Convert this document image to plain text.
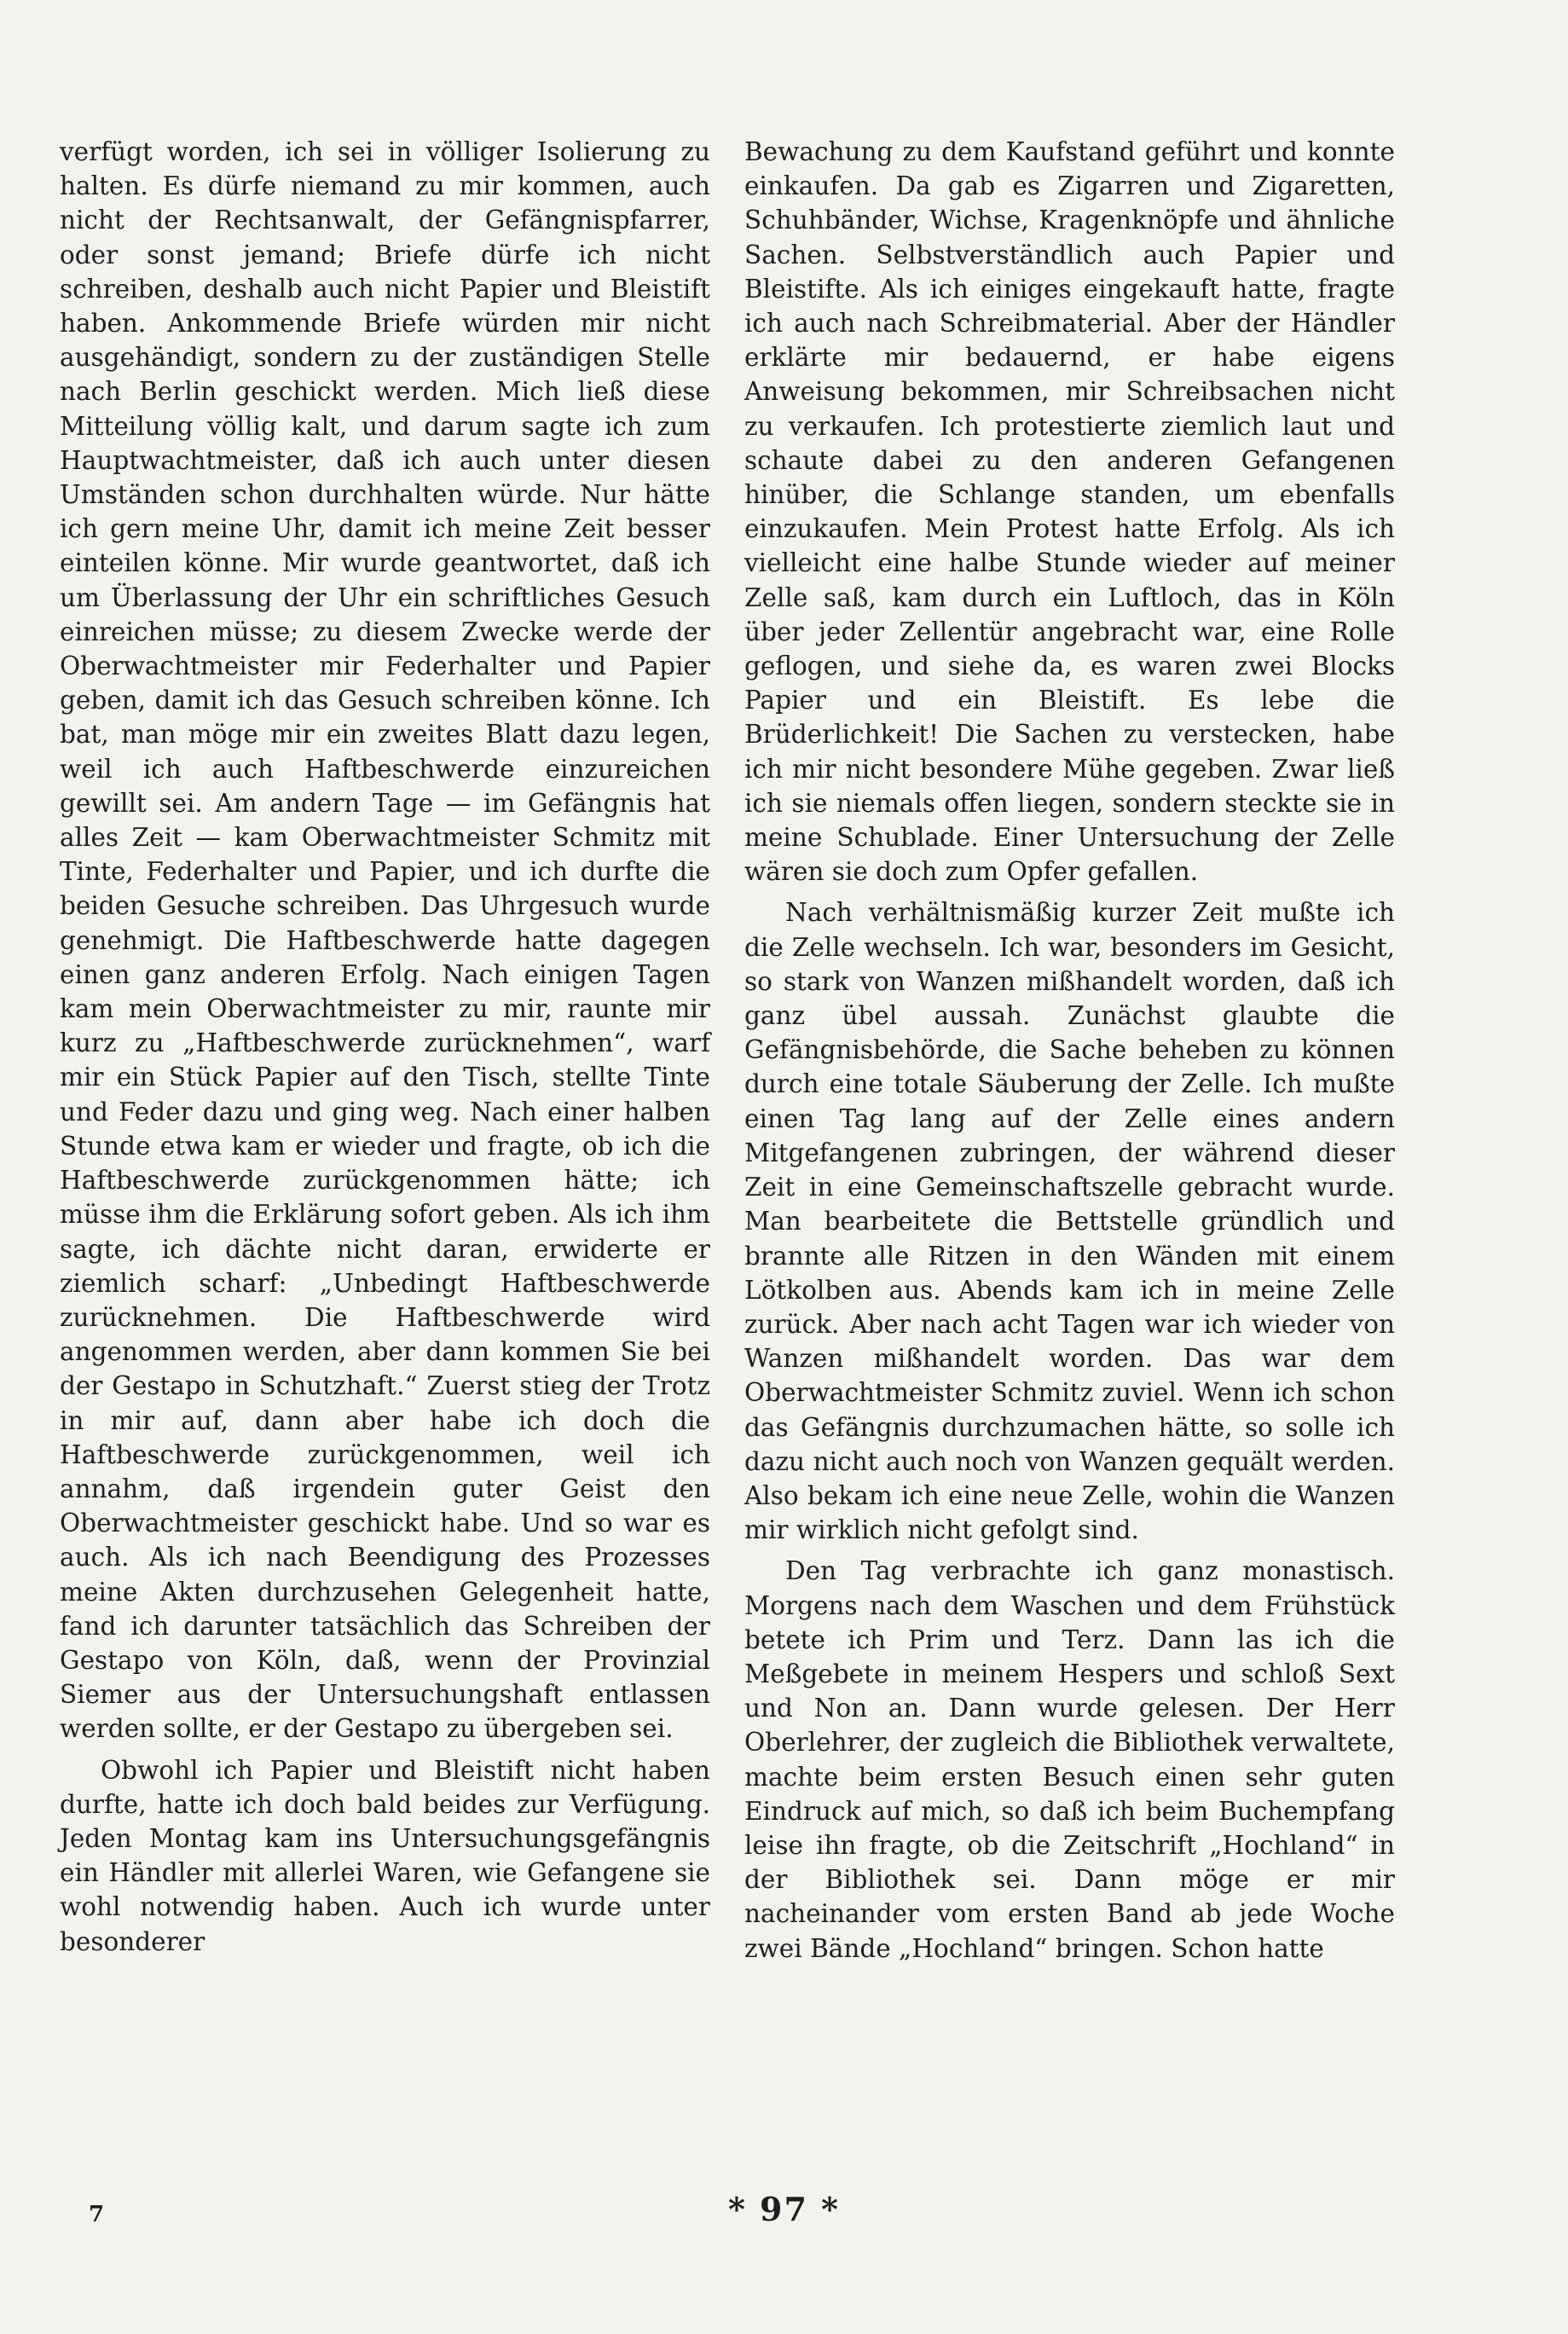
verfügt worden, ich sei in völliger Isolierung zu halten. Es dürfe niemand zu mir kommen, auch nicht der Rechtsanwalt, der Gefängnispfarrer, oder sonst jemand; Briefe dürfe ich nicht schreiben, deshalb auch nicht Papier und Bleistift haben. Ankommende Briefe würden mir nicht ausgehändigt, sondern zu der zuständigen Stelle nach Berlin geschickt werden. Mich ließ diese Mitteilung völlig kalt, und darum sagte ich zum Hauptwachtmeister, daß ich auch unter diesen Umständen schon durchhalten würde. Nur hätte ich gern meine Uhr, damit ich meine Zeit besser einteilen könne. Mir wurde geantwortet, daß ich um Überlassung der Uhr ein schriftliches Gesuch einreichen müsse; zu diesem Zwecke werde der Oberwachtmeister mir Federhalter und Papier geben, damit ich das Gesuch schreiben könne. Ich bat, man möge mir ein zweites Blatt dazu legen, weil ich auch Haftbeschwerde einzureichen gewillt sei. Am andern Tage — im Gefängnis hat alles Zeit — kam Oberwachtmeister Schmitz mit Tinte, Federhalter und Papier, und ich durfte die beiden Gesuche schreiben. Das Uhrgesuch wurde genehmigt. Die Haftbeschwerde hatte dagegen einen ganz anderen Erfolg. Nach einigen Tagen kam mein Oberwachtmeister zu mir, raunte mir kurz zu „Haftbeschwerde zurücknehmen“, warf mir ein Stück Papier auf den Tisch, stellte Tinte und Feder dazu und ging weg. Nach einer halben Stunde etwa kam er wieder und fragte, ob ich die Haftbeschwerde zurückgenommen hätte; ich müsse ihm die Erklärung sofort geben. Als ich ihm sagte, ich dächte nicht daran, erwiderte er ziemlich scharf: „Unbedingt Haftbeschwerde zurücknehmen. Die Haftbeschwerde wird angenommen werden, aber dann kommen Sie bei der Gestapo in Schutzhaft.“ Zuerst stieg der Trotz in mir auf, dann aber habe ich doch die Haftbeschwerde zurückgenommen, weil ich annahm, daß irgendein guter Geist den Oberwachtmeister geschickt habe. Und so war es auch. Als ich nach Beendigung des Prozesses meine Akten durchzusehen Gelegenheit hatte, fand ich darunter tatsächlich das Schreiben der Gestapo von Köln, daß, wenn der Provinzial Siemer aus der Untersuchungshaft entlassen werden sollte, er der Gestapo zu übergeben sei.

Obwohl ich Papier und Bleistift nicht haben durfte, hatte ich doch bald beides zur Verfügung. Jeden Montag kam ins Untersuchungsgefängnis ein Händler mit allerlei Waren, wie Gefangene sie wohl notwendig haben. Auch ich wurde unter besonderer

Bewachung zu dem Kaufstand geführt und konnte einkaufen. Da gab es Zigarren und Zigaretten, Schuhbänder, Wichse, Kragenknöpfe und ähnliche Sachen. Selbstverständlich auch Papier und Bleistifte. Als ich einiges eingekauft hatte, fragte ich auch nach Schreibmaterial. Aber der Händler erklärte mir bedauernd, er habe eigens Anweisung bekommen, mir Schreibsachen nicht zu verkaufen. Ich protestierte ziemlich laut und schaute dabei zu den anderen Gefangenen hinüber, die Schlange standen, um ebenfalls einzukaufen. Mein Protest hatte Erfolg. Als ich vielleicht eine halbe Stunde wieder auf meiner Zelle saß, kam durch ein Luftloch, das in Köln über jeder Zellentür angebracht war, eine Rolle geflogen, und siehe da, es waren zwei Blocks Papier und ein Bleistift. Es lebe die Brüderlichkeit! Die Sachen zu verstecken, habe ich mir nicht besondere Mühe gegeben. Zwar ließ ich sie niemals offen liegen, sondern steckte sie in meine Schublade. Einer Untersuchung der Zelle wären sie doch zum Opfer gefallen.

Nach verhältnismäßig kurzer Zeit mußte ich die Zelle wechseln. Ich war, besonders im Gesicht, so stark von Wanzen mißhandelt worden, daß ich ganz übel aussah. Zunächst glaubte die Gefängnisbehörde, die Sache beheben zu können durch eine totale Säuberung der Zelle. Ich mußte einen Tag lang auf der Zelle eines andern Mitgefangenen zubringen, der während dieser Zeit in eine Gemeinschaftszelle gebracht wurde. Man bearbeitete die Bettstelle gründlich und brannte alle Ritzen in den Wänden mit einem Lötkolben aus. Abends kam ich in meine Zelle zurück. Aber nach acht Tagen war ich wieder von Wanzen mißhandelt worden. Das war dem Oberwachtmeister Schmitz zuviel. Wenn ich schon das Gefängnis durchzumachen hätte, so solle ich dazu nicht auch noch von Wanzen gequält werden. Also bekam ich eine neue Zelle, wohin die Wanzen mir wirklich nicht gefolgt sind.

Den Tag verbrachte ich ganz monastisch. Morgens nach dem Waschen und dem Frühstück betete ich Prim und Terz. Dann las ich die Meßgebete in meinem Hespers und schloß Sext und Non an. Dann wurde gelesen. Der Herr Oberlehrer, der zugleich die Bibliothek verwaltete, machte beim ersten Besuch einen sehr guten Eindruck auf mich, so daß ich beim Buchempfang leise ihn fragte, ob die Zeitschrift „Hochland“ in der Bibliothek sei. Dann möge er mir nacheinander vom ersten Band ab jede Woche zwei Bände „Hochland“ bringen. Schon hatte

7	* 97 *
